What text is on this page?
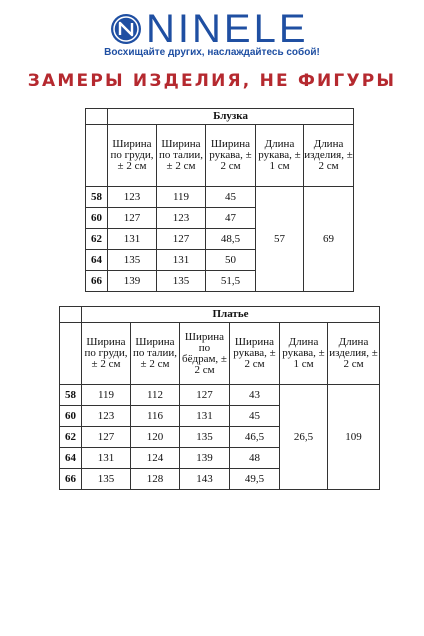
NINELE
Восхищайте других, наслаждайтесь собой!
ЗАМЕРЫ ИЗДЕЛИЯ, НЕ ФИГУРЫ
	Блузка				
	Ширина по груди, ± 2 см	Ширина по талии, ± 2 см	Ширина рукава, ± 2 см	Длина рукава, ± 1 см	Длина изделия, ± 2 см
58	123	119	45	57	69
60	127	123	47		
62	131	127	48,5		
64	135	131	50		
66	139	135	51,5		
	Платье					
	Ширина по груди, ± 2 см	Ширина по талии, ± 2 см	Ширина по бёдрам, ± 2 см	Ширина рукава, ± 2 см	Длина рукава, ± 1 см	Длина изделия, ± 2 см
58	119	112	127	43	26,5	109
60	123	116	131	45		
62	127	120	135	46,5		
64	131	124	139	48		
66	135	128	143	49,5		
